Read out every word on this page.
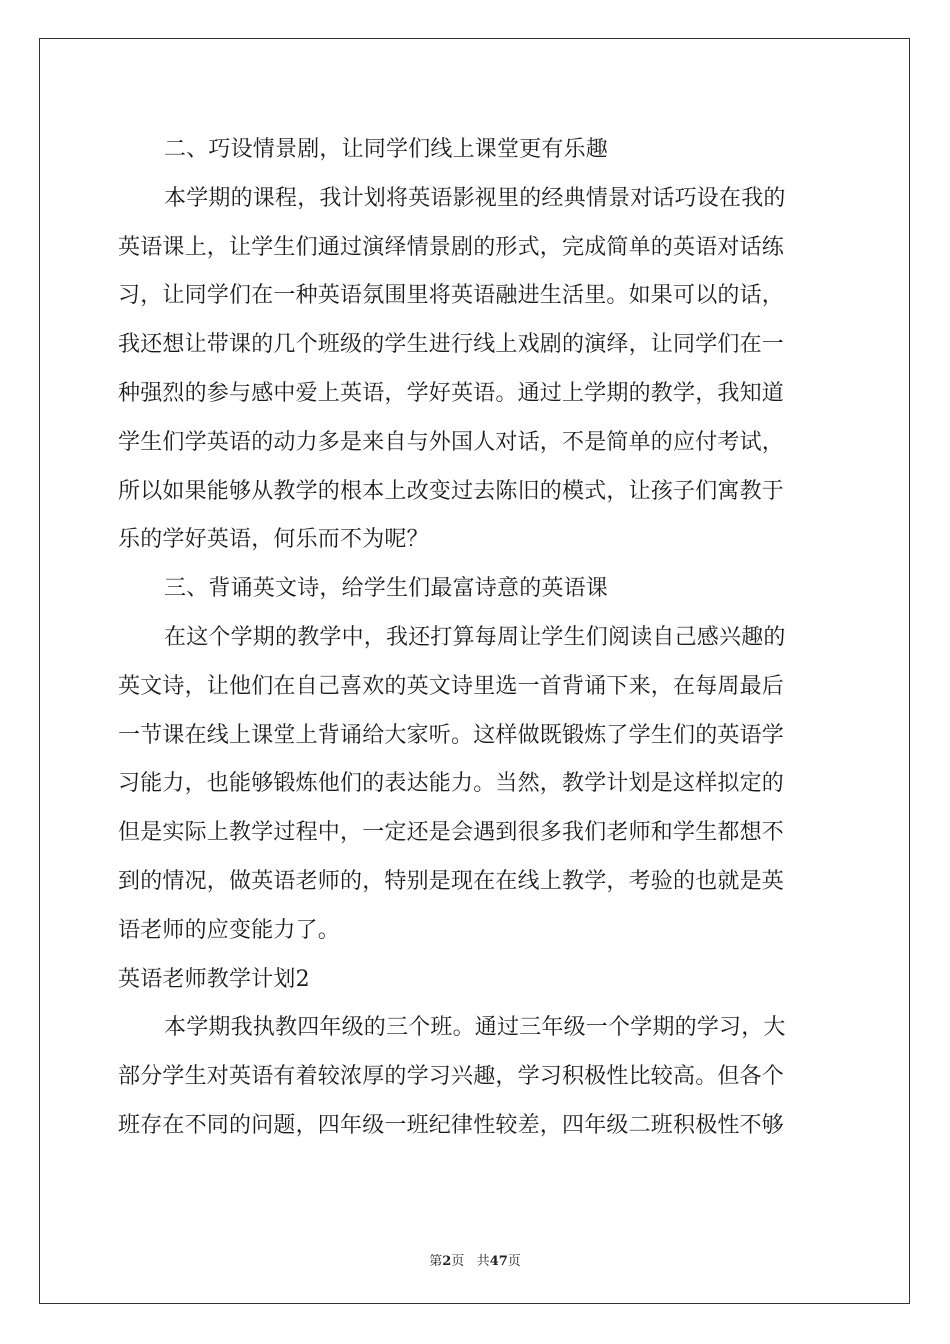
二、巧设情景剧，让同学们线上课堂更有乐趣
本学期的课程，我计划将英语影视里的经典情景对话巧设在我的
英语课上，让学生们通过演绎情景剧的形式，完成简单的英语对话练
习，让同学们在一种英语氛围里将英语融进生活里。如果可以的话，
我还想让带课的几个班级的学生进行线上戏剧的演绎，让同学们在一
种强烈的参与感中爱上英语，学好英语。通过上学期的教学，我知道
学生们学英语的动力多是来自与外国人对话，不是简单的应付考试，
所以如果能够从教学的根本上改变过去陈旧的模式，让孩子们寓教于
乐的学好英语，何乐而不为呢？
三、背诵英文诗，给学生们最富诗意的英语课
在这个学期的教学中，我还打算每周让学生们阅读自己感兴趣的
英文诗，让他们在自己喜欢的英文诗里选一首背诵下来，在每周最后
一节课在线上课堂上背诵给大家听。这样做既锻炼了学生们的英语学
习能力，也能够锻炼他们的表达能力。当然，教学计划是这样拟定的
但是实际上教学过程中，一定还是会遇到很多我们老师和学生都想不
到的情况，做英语老师的，特别是现在在线上教学，考验的也就是英
语老师的应变能力了。
英语老师教学计划2
本学期我执教四年级的三个班。通过三年级一个学期的学习，大
部分学生对英语有着较浓厚的学习兴趣，学习积极性比较高。但各个
班存在不同的问题，四年级一班纪律性较差，四年级二班积极性不够
第2页 共47页
